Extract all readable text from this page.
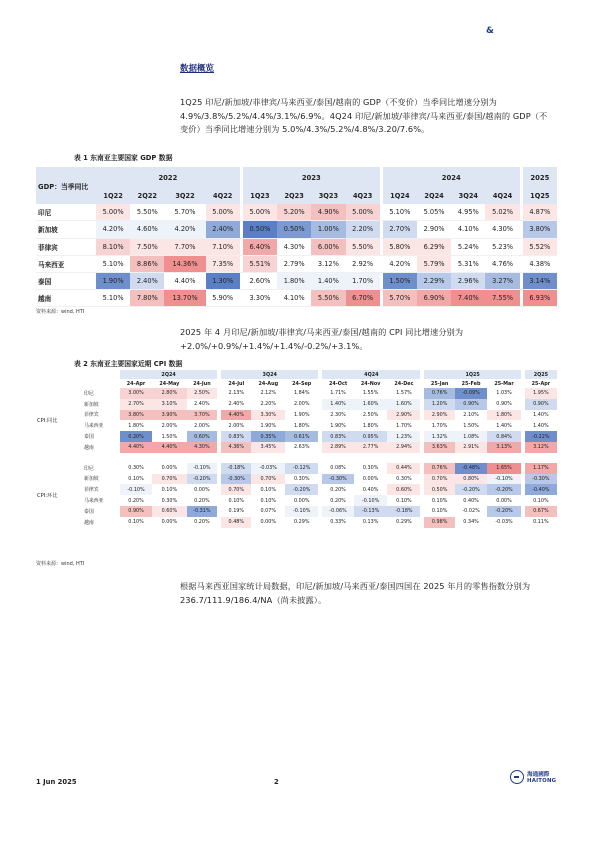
&
数据概览
1Q25 印尼/新加坡/菲律宾/马来西亚/泰国/越南的 GDP（不变价）当季同比增速分别为 4.9%/3.8%/5.2%/4.4%/3.1%/6.9%。4Q24 印尼/新加坡/菲律宾/马来西亚/泰国/越南的 GDP（不变价）当季同比增速分别为 5.0%/4.3%/5.2%/4.8%/3.20/7.6%。
表 1 东南亚主要国家 GDP 数据
GDP：当季同比	2022					2023					2024					2025
	1Q22	2Q22	3Q22	4Q22		1Q23	2Q23	3Q23	4Q23		1Q24	2Q24	3Q24	4Q24		1Q25
印尼	5.00%	5.50%	5.70%	5.00%		5.00%	5.20%	4.90%	5.00%		5.10%	5.05%	4.95%	5.02%		4.87%
新加坡	4.20%	4.60%	4.20%	2.40%		0.50%	0.50%	1.00%	2.20%		2.70%	2.90%	4.10%	4.30%		3.80%
菲律宾	8.10%	7.50%	7.70%	7.10%		6.40%	4.30%	6.00%	5.50%		5.80%	6.29%	5.24%	5.23%		5.52%
马来西亚	5.10%	8.86%	14.36%	7.35%		5.51%	2.79%	3.12%	2.92%		4.20%	5.79%	5.31%	4.76%		4.38%
泰国	1.90%	2.40%	4.40%	1.30%		2.60%	1.80%	1.40%	1.70%		1.50%	2.29%	2.96%	3.27%		3.14%
越南	5.10%	7.80%	13.70%	5.90%		3.30%	4.10%	5.50%	6.70%		5.70%	6.90%	7.40%	7.55%		6.93%
资料来源：wind, HTI
2025 年 4 月印尼/新加坡/菲律宾/马来西亚/泰国/越南的 CPI 同比增速分别为 +2.0%/+0.9%/+1.4%/+1.4%/-0.2%/+3.1%。
表 2 东南亚主要国家近期 CPI 数据
		2Q24				3Q24				4Q24				1Q25				2Q25
		24-Apr	24-May	24-Jun		24-Jul	24-Aug	24-Sep		24-Oct	24-Nov	24-Dec		25-Jan	25-Feb	25-Mar		25-Apr
CPI:同比	印尼	3.00%	2.80%	2.50%		2.13%	2.12%	1.84%		1.71%	1.55%	1.57%		0.76%	-0.09%	1.03%		1.95%
	新加坡	2.70%	3.10%	2.40%		2.40%	2.20%	2.00%		1.40%	1.60%	1.60%		1.20%	0.90%	0.90%		0.90%
	菲律宾	3.80%	3.90%	3.70%		4.40%	3.30%	1.90%		2.30%	2.50%	2.90%		2.90%	2.10%	1.80%		1.40%
	马来西亚	1.80%	2.00%	2.00%		2.00%	1.90%	1.80%		1.90%	1.80%	1.70%		1.70%	1.50%	1.40%		1.40%
	泰国	0.20%	1.50%	0.60%		0.83%	0.35%	0.61%		0.83%	0.95%	1.23%		1.32%	1.08%	0.84%		-0.22%
	越南	4.40%	4.40%	4.30%		4.36%	3.45%	2.63%		2.89%	2.77%	2.94%		3.63%	2.91%	3.13%		3.12%

CPI:环比	印尼	0.30%	0.00%	-0.10%		-0.18%	-0.03%	-0.12%		0.08%	0.30%	0.44%		0.76%	-0.48%	1.65%		1.17%
	新加坡	0.10%	0.70%	-0.20%		-0.30%	0.70%	0.30%		-0.30%	0.00%	0.30%		0.70%	0.80%	-0.10%		-0.30%
	菲律宾	-0.10%	0.10%	0.00%		0.70%	0.10%	-0.20%		0.20%	0.40%	0.60%		0.50%	-0.20%	-0.20%		-0.40%
	马来西亚	0.20%	0.30%	0.20%		0.10%	0.10%	0.00%		0.20%	-0.10%	0.10%		0.10%	0.40%	0.00%		0.10%
	泰国	0.90%	0.60%	-0.31%		0.19%	0.07%	-0.10%		-0.06%	-0.13%	-0.18%		0.10%	-0.02%	-0.20%		0.67%
	越南	0.10%	0.00%	0.20%		0.48%	0.00%	0.29%		0.33%	0.13%	0.29%		0.98%	0.34%	-0.03%		0.11%
资料来源：wind, HTI
根据马来西亚国家统计局数据，印尼/新加坡/马来西亚/泰国四国在 2025 年月的零售指数分别为 236.7/111.9/186.4/NA（尚未披露）。
1 Jun 2025	2
海通國際
HAITONG
